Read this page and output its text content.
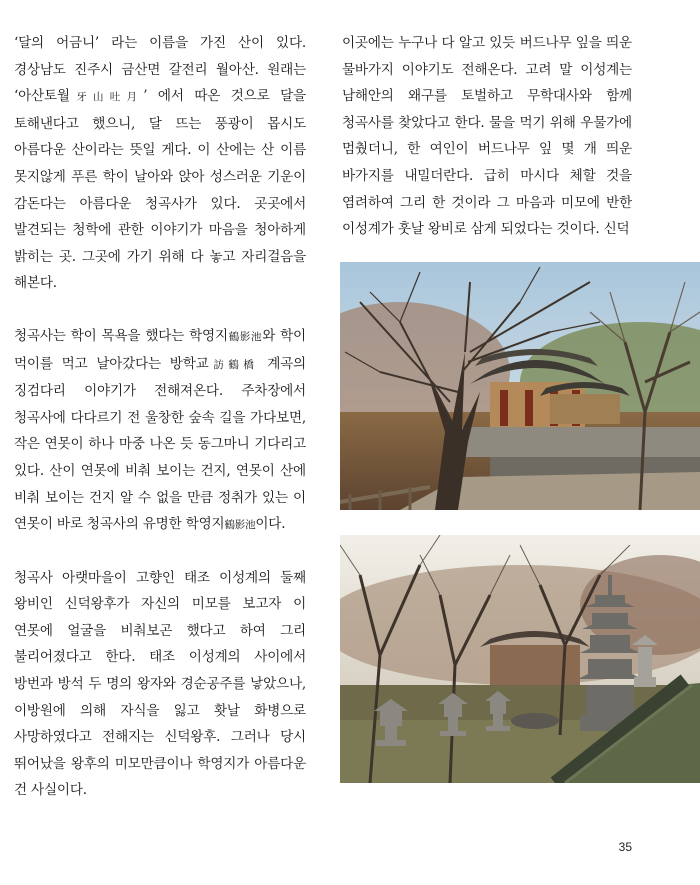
‘달의 어금니’ 라는 이름을 가진 산이 있다. 경상남도 진주시 금산면 갈전리 월아산. 원래는 ‘아산토월牙山吐月’ 에서 따온 것으로 달을 토해낸다고 했으니, 달 뜨는 풍광이 몹시도 아름다운 산이라는 뜻일 게다. 이 산에는 산 이름 못지않게 푸른 학이 날아와 앉아 성스러운 기운이 감돈다는 아름다운 청곡사가 있다. 곳곳에서 발견되는 청학에 관한 이야기가 마음을 청아하게 밝히는 곳. 그곳에 가기 위해 다 놓고 자리걸음을 해본다.

청곡사는 학이 목욕을 했다는 학영지鶴影池와 학이 먹이를 먹고 날아갔다는 방학교訪鶴橋 계곡의 징검다리 이야기가 전해져온다. 주차장에서 청곡사에 다다르기 전 울창한 숲속 길을 가다보면, 작은 연못이 하나 마중 나온 듯 동그마니 기다리고 있다. 산이 연못에 비춰 보이는 건지, 연못이 산에 비춰 보이는 건지 알 수 없을 만큼 정취가 있는 이 연못이 바로 청곡사의 유명한 학영지鶴影池이다.

청곡사 아랫마을이 고향인 태조 이성계의 둘째 왕비인 신덕왕후가 자신의 미모를 보고자 이 연못에 얼굴을 비춰보곤 했다고 하여 그리 불리어졌다고 한다. 태조 이성계의 사이에서 방번과 방석 두 명의 왕자와 경순공주를 낳았으나, 이방원에 의해 자식을 잃고 홧날 화병으로 사망하였다고 전해지는 신덕왕후. 그러나 당시 뛰어났을 왕후의 미모만큼이나 학영지가 아름다운 건 사실이다.

이곳에는 누구나 다 알고 있듯 버드나무 잎을 띄운 물바가지 이야기도 전해온다. 고려 말 이성계는 남해안의 왜구를 토벌하고 무학대사와 함께 청곡사를 찾았다고 한다. 물을 먹기 위해 우물가에 멈췄더니, 한 여인이 버드나무 잎 몇 개 띄운 바가지를 내밀더란다. 급히 마시다 체할 것을 염려하여 그리 한 것이라 그 마음과 미모에 반한 이성계가 훗날 왕비로 삼게 되었다는 것이다. 신덕

35
